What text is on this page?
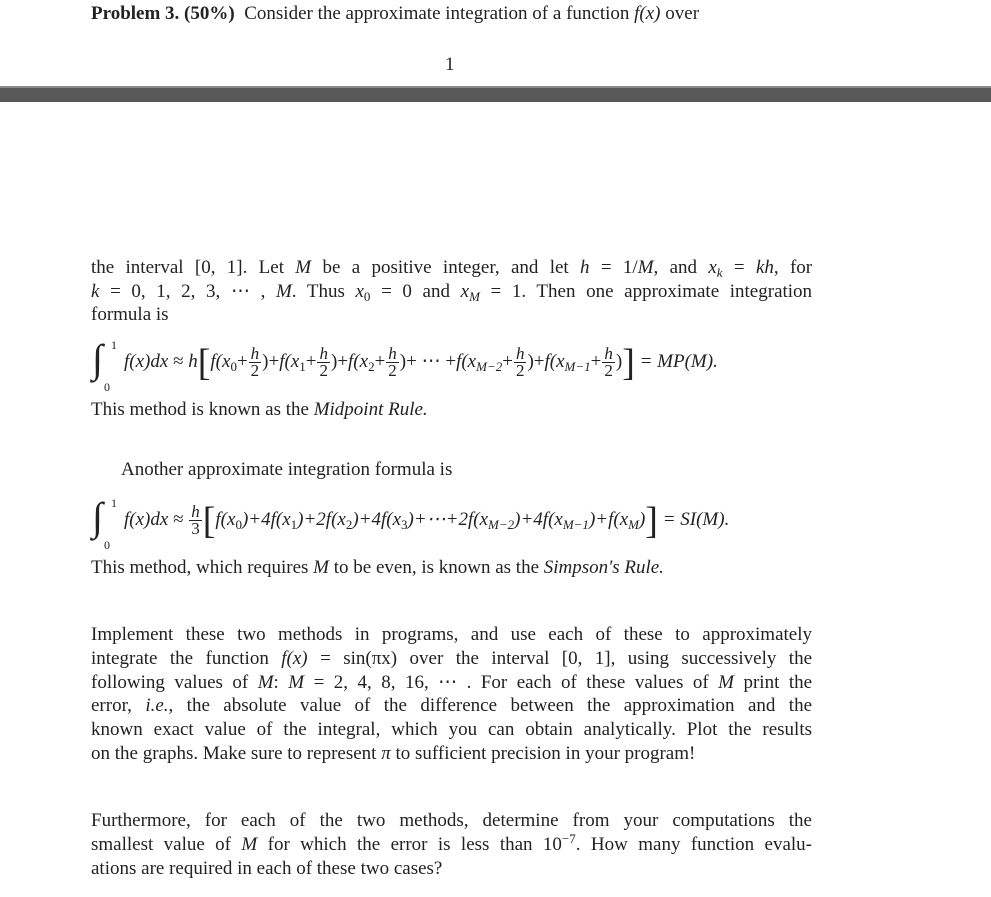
Problem 3. (50%) Consider the approximate integration of a function f(x) over
1
the interval [0, 1]. Let M be a positive integer, and let h = 1/M, and $x_k$ = kh, for
k = 0, 1, 2, 3, ⋯ , M. Thus $x_0 = 0$ and $x_M = 1$. Then one approximate integration
formula is
∫ 1
0
$f(x)dx \approx h[f(x_0+ \frac{h}{2} )+f(x_1+ \frac{h}{2} )+f(x_2+ \frac{h}{2}$ )+ ⋯ $+f(x_{M-2}+ \frac{h}{2} )+f(x_{M-1}+ \frac{h}{2}$ )] = MP(M).
This method is known as the Midpoint Rule.
Another approximate integration formula is
∫ 1
0
$f(x)dx \approx \frac{h}{3}$ $[f(x_0)+4f(x_1)+2f(x_2)+4f(x_3)+\cdots+2f(x_{M-2})+4f(x_{M-1})+f(x_M)] = SI(M)$.
This method, which requires M to be even, is known as the Simpson's Rule.
Implement these two methods in programs, and use each of these to approximately
integrate the function f(x) = sin(πx) over the interval [0, 1], using successively the
following values of M: M = 2, 4, 8, 16, ⋯ . For each of these values of M print the
error, i.e., the absolute value of the difference between the approximation and the
known exact value of the integral, which you can obtain analytically. Plot the results
on the graphs. Make sure to represent π to sufficient precision in your program!
Furthermore, for each of the two methods, determine from your computations the
smallest value of M for which the error is less than $10^{-7}$. How many function evalu-
ations are required in each of these two cases?
